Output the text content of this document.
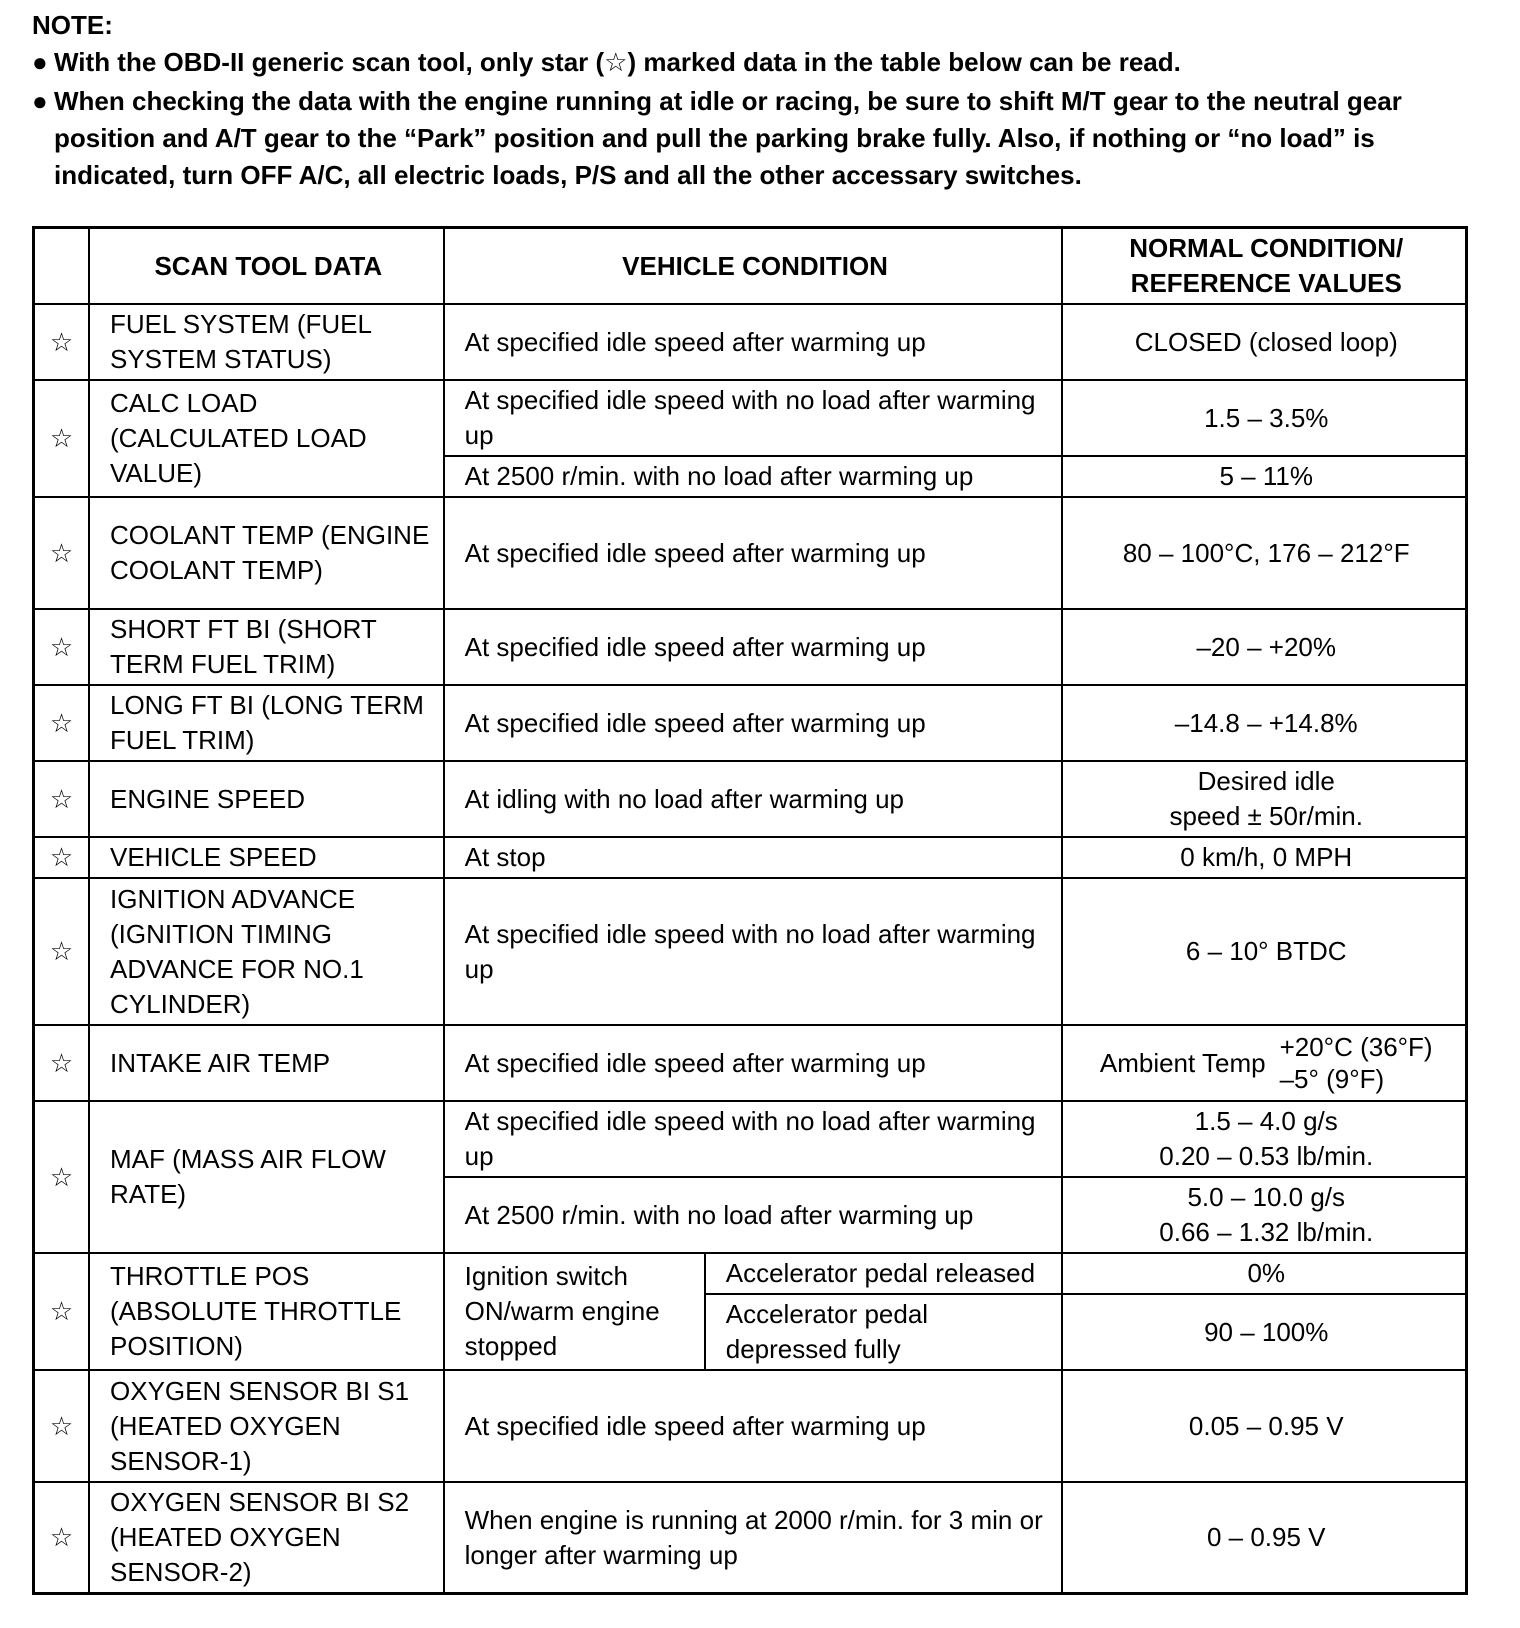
NOTE:
● With the OBD-II generic scan tool, only star (☆) marked data in the table below can be read.
● When checking the data with the engine running at idle or racing, be sure to shift M/T gear to the neutral gear position and A/T gear to the “Park” position and pull the parking brake fully. Also, if nothing or “no load” is indicated, turn OFF A/C, all electric loads, P/S and all the other accessary switches.
	SCAN TOOL DATA	VEHICLE CONDITION		NORMAL CONDITION/
REFERENCE VALUES

☆	FUEL SYSTEM (FUEL SYSTEM STATUS)	At specified idle speed after warming up		CLOSED (closed loop)
☆	CALC LOAD (CALCULATED LOAD VALUE)	At specified idle speed with no load after warming up		1.5 – 3.5%
		At 2500 r/min. with no load after warming up		5 – 11%
☆	COOLANT TEMP (ENGINE COOLANT TEMP)	At specified idle speed after warming up		80 – 100°C, 176 – 212°F
☆	SHORT FT BI (SHORT TERM FUEL TRIM)	At specified idle speed after warming up		–20 – +20%
☆	LONG FT BI (LONG TERM FUEL TRIM)	At specified idle speed after warming up		–14.8 – +14.8%
☆	ENGINE SPEED	At idling with no load after warming up		Desired idle
speed ± 50r/min.

☆	VEHICLE SPEED	At stop		0 km/h, 0 MPH
☆	IGNITION ADVANCE (IGNITION TIMING ADVANCE FOR NO.1 CYLINDER)	At specified idle speed with no load after warming up		6 – 10° BTDC
☆	INTAKE AIR TEMP	At specified idle speed after warming up		Ambient Temp
+20°C (36°F)
–5° (9°F)

☆	MAF (MASS AIR FLOW RATE)	At specified idle speed with no load after warming up		1.5 – 4.0 g/s
0.20 – 0.53 lb/min.

		At 2500 r/min. with no load after warming up		5.0 – 10.0 g/s
0.66 – 1.32 lb/min.

☆	THROTTLE POS (ABSOLUTE THROTTLE POSITION)	Ignition switch ON/warm engine stopped	Accelerator pedal released	0%
			Accelerator pedal depressed fully	90 – 100%
☆	OXYGEN SENSOR BI S1 (HEATED OXYGEN SENSOR-1)	At specified idle speed after warming up		0.05 – 0.95 V
☆	OXYGEN SENSOR BI S2 (HEATED OXYGEN SENSOR-2)	When engine is running at 2000 r/min. for 3 min or longer after warming up		0 – 0.95 V
